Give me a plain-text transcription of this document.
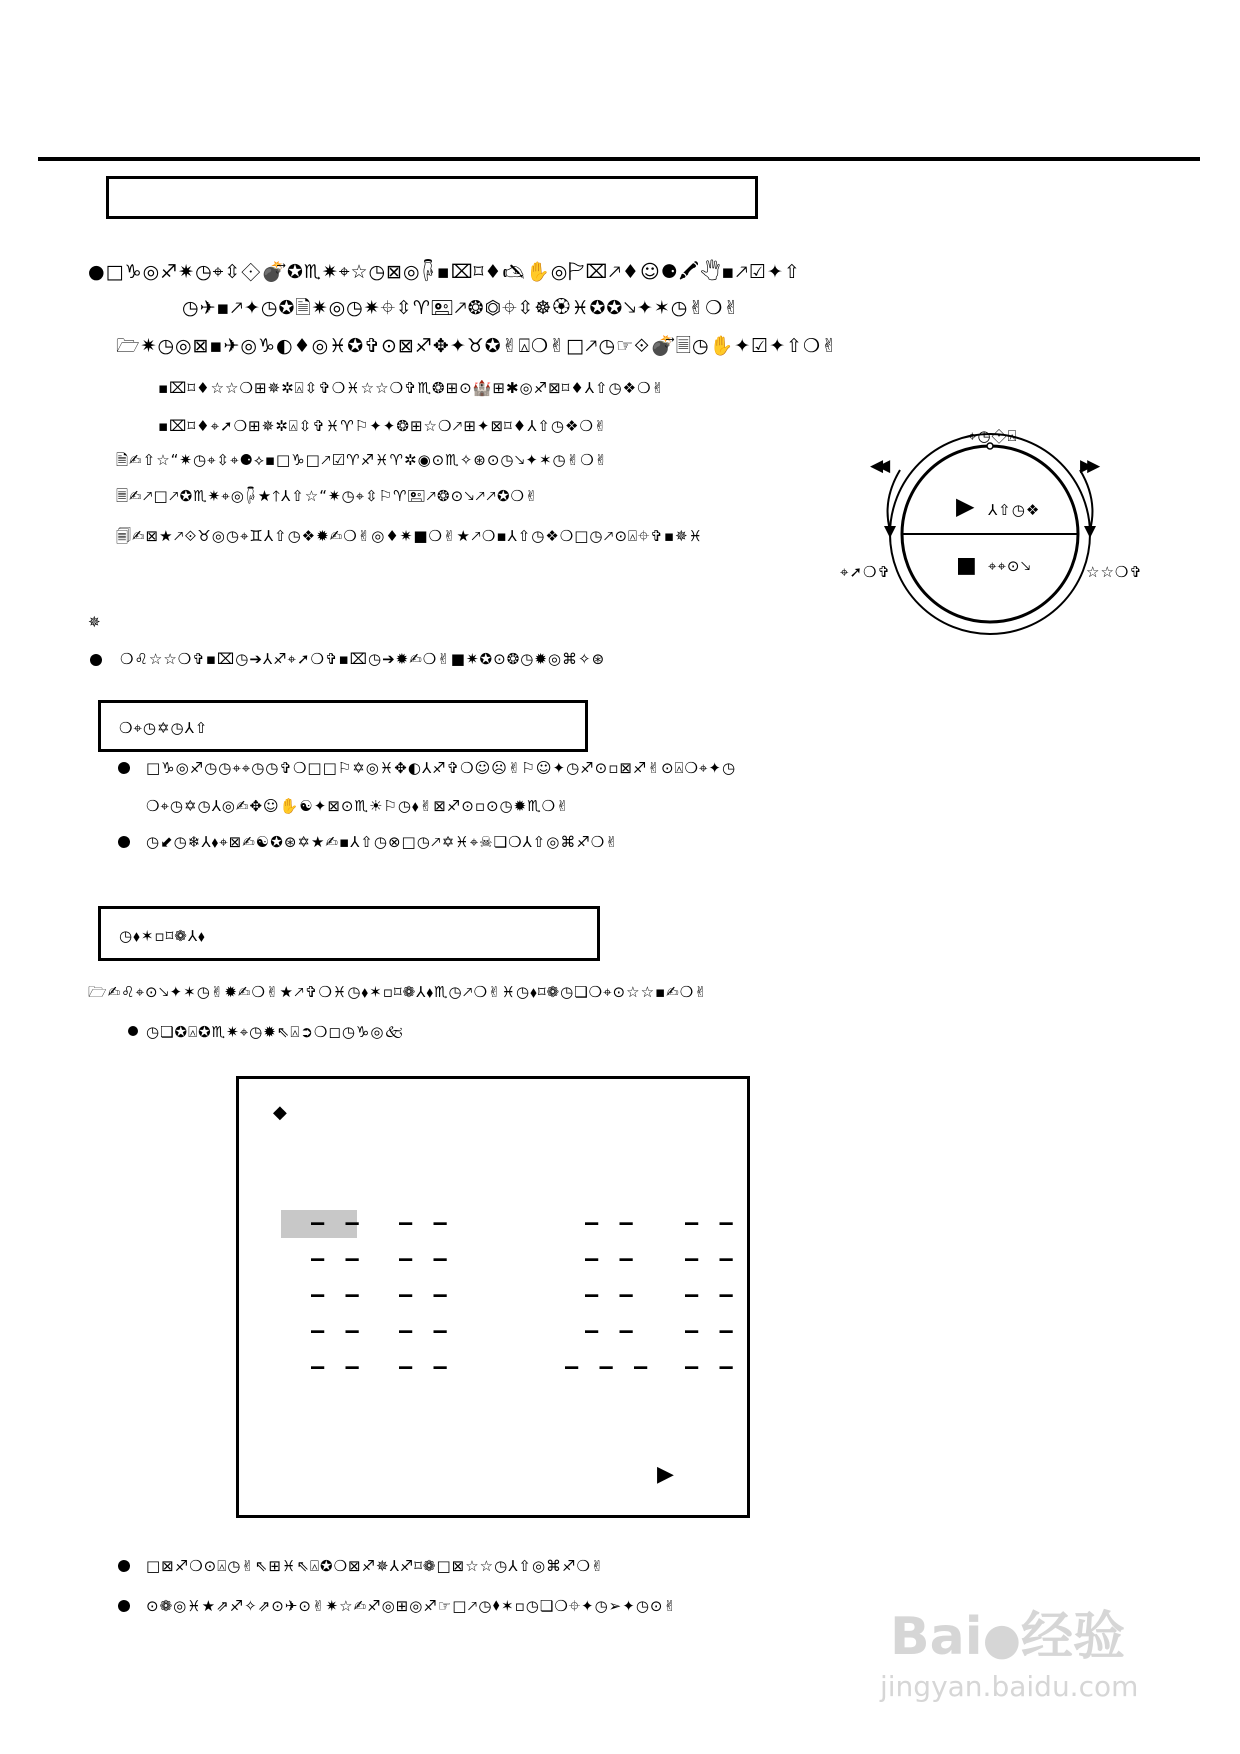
●□♑◎♐✷◷⌖⇳⟐💣⃗✪♏✷⌖☆◷⊠◎🖟▪⌧⌑♦🖎✋◎🏱⌧🡕♦☺⚈🖍🖑▪🡕☑✦⇧
◷✈▪🡕✦◷✪🗎✷◎◷✷⌖⇳♈🖭🡕❂⏣⌖⇳☸🏵♓✪✪🡖✦✶◷✌❍✌
🗁✷◷◎⊠▪✈◎♑◐♦◎♓✪✞⊙⊠♐✥✦♉✪✌⍓❍✌□🡕◷☞⟐💣⃗🗏◷✋✦☑✦⇧❍✌
▪⌧⌑♦☆☆❍⊞✵✲⍓⇳✞❍♓☆☆❍✞♏❂⊞⊙🏰⊞✱◎♐⊠⌑♦⅄⇧◷❖❍✌
▪⌧⌑♦⌖➚❍⊞✵✲⍓⇳✞♓♈⚐✦✦❂⊞☆❍🡕⊞✦⊠⌑♦⅄⇧◷❖❍✌
🗎✍⇧☆“✷◷⌖⇳⌖⚈⟡▪□♑□🡕☑♈♐♓♈✲◉⊙♏✧⊛⊙◷🡖✦✶◷✌❍✌
🗏✍🡕□🡕✪♏✷⌖◎🖟★🡑⅄⇧☆“✷◷⌖⇳⚐♈🖭🡕❂⊙🡖🡕🡕✪❍✌
🗐✍⊠★🡕⟐♉◎◷⌖♊⅄⇧◷❖✹✍❍✌◎♦✷■❍✌★🡕❍▪⅄⇧◷❖❍□◷🡕⊙⍓⌖✞▪✵♓
✵
❍♌☆☆❍✞▪⌧◷➔⅄♐⌖➚❍✞▪⌧◷➔✹✍❍✌■✷✪⊙❂◷✹◎⌘✧⊛
⌖◷⟐⍓
◀◀	▶▶
▶ ⅄⇧◷❖
■ ⌖⌖⊙🡖
⌖➚❍✞	☆☆❍✞
❍⌖◷✡◷⅄⇧
□♑◎♐◷◷⌖⌖◷◷✞❍□□⚐✡◎♓✥◐⅄♐✞❍☺☹✌⚐☺✦◷♐⊙▫⊠♐✌⊙⍓❍⌖✦◷
❍⌖◷✡◷⅄◎✍✥☺✋☯✦⊠⊙♏☀⚐◷⬧✌⊠♐⊙▫⊙◷✹♏❍✌
◷⬋◷❄⅄⬧⌖⊠✍☯✪⊛✡★✍▪⅄⇧◷⊗□◷🡕✡♓⌖☠❏❍⅄⇧◎⌘♐❍✌
◷⬧✶▫⌑❁⅄⬧
🗁✍♌⌖⊙🡖✦✶◷✌✹✍❍✌★🡕✞❍♓◷⬧✶▫⌑❁⅄⬧♏◷🡕❍✌♓◷⬧⌑❁◷❏❍⌖⊙☆☆▪✍❍✌
◷❏✪⍓✪♏✷⌖◷✹⇖⍓➲❍◻◷♑◎🙵
◆
– – – –	– – – –
– – – –	– – – –
– – – –	– – – –
– – – –	– – – –
– – – –	– – – – –
▶
□⊠♐❍⊙⍓◷✌⇖⊞♓⇖⍓✪❍⊠♐✵⅄♐⌑❁□⊠☆☆◷⅄⇧◎⌘♐❍✌
⊙❁◎♓★⇗♐✧⇗⊙✈⊙✌✷☆✍♐◎⊞◎♐☞□🡕◷⬧✶▫◷❏❍⌖✦◷➢✦◷⊙✌
Bai●经验
jingyan.baidu.com
